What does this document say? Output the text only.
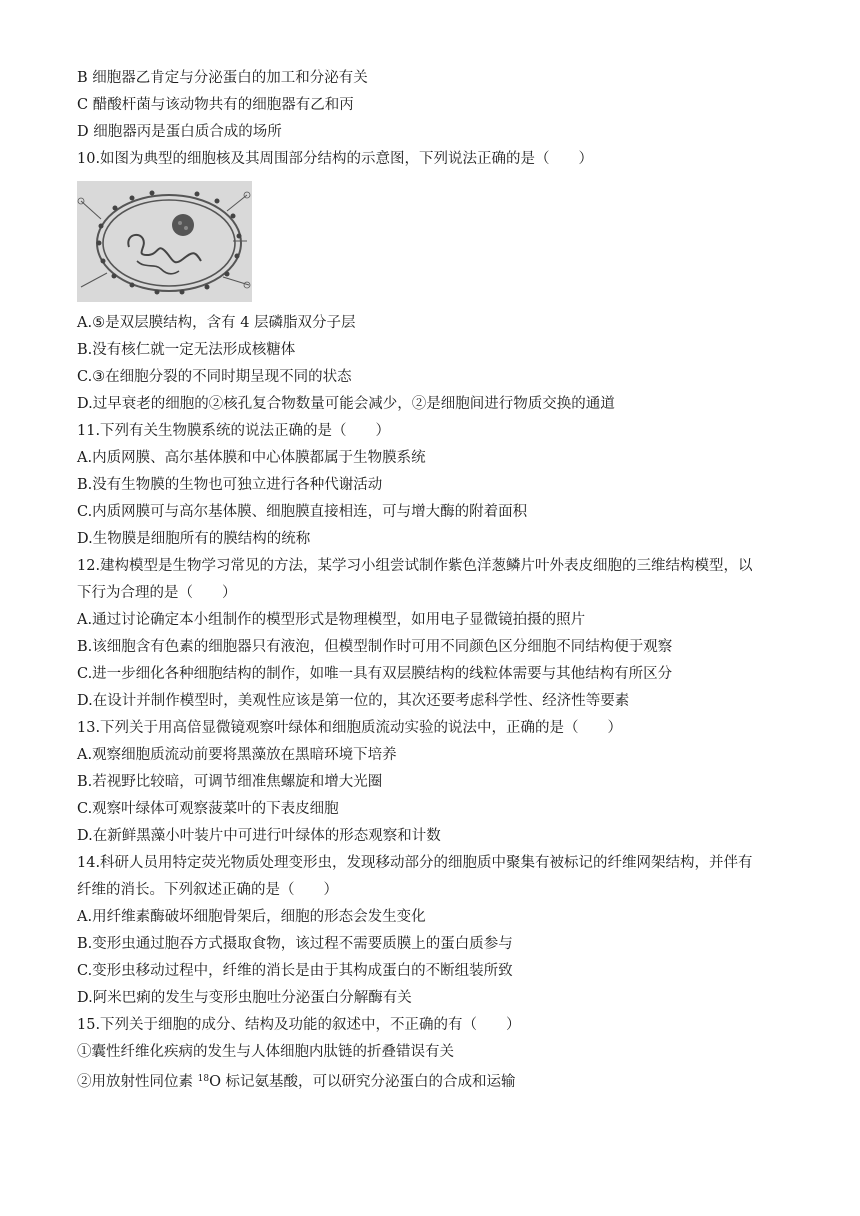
B 细胞器乙肯定与分泌蛋白的加工和分泌有关
C 醋酸杆菌与该动物共有的细胞器有乙和丙
D 细胞器丙是蛋白质合成的场所
10.如图为典型的细胞核及其周围部分结构的示意图，下列说法正确的是（　　）
A.⑤是双层膜结构，含有 4 层磷脂双分子层
B.没有核仁就一定无法形成核糖体
C.③在细胞分裂的不同时期呈现不同的状态
D.过早衰老的细胞的②核孔复合物数量可能会减少，②是细胞间进行物质交换的通道
11.下列有关生物膜系统的说法正确的是（　　）
A.内质网膜、高尔基体膜和中心体膜都属于生物膜系统
B.没有生物膜的生物也可独立进行各种代谢活动
C.内质网膜可与高尔基体膜、细胞膜直接相连，可与增大酶的附着面积
D.生物膜是细胞所有的膜结构的统称
12.建构模型是生物学习常见的方法，某学习小组尝试制作紫色洋葱鳞片叶外表皮细胞的三维结构模型，以
下行为合理的是（　　）
A.通过讨论确定本小组制作的模型形式是物理模型，如用电子显微镜拍摄的照片
B.该细胞含有色素的细胞器只有液泡，但模型制作时可用不同颜色区分细胞不同结构便于观察
C.进一步细化各种细胞结构的制作，如唯一具有双层膜结构的线粒体需要与其他结构有所区分
D.在设计并制作模型时，美观性应该是第一位的，其次还要考虑科学性、经济性等要素
13.下列关于用高倍显微镜观察叶绿体和细胞质流动实验的说法中，正确的是（　　）
A.观察细胞质流动前要将黑藻放在黑暗环境下培养
B.若视野比较暗，可调节细准焦螺旋和增大光圈
C.观察叶绿体可观察菠菜叶的下表皮细胞
D.在新鲜黑藻小叶装片中可进行叶绿体的形态观察和计数
14.科研人员用特定荧光物质处理变形虫，发现移动部分的细胞质中聚集有被标记的纤维网架结构，并伴有
纤维的消长。下列叙述正确的是（　　）
A.用纤维素酶破坏细胞骨架后，细胞的形态会发生变化
B.变形虫通过胞吞方式摄取食物，该过程不需要质膜上的蛋白质参与
C.变形虫移动过程中，纤维的消长是由于其构成蛋白的不断组装所致
D.阿米巴痢的发生与变形虫胞吐分泌蛋白分解酶有关
15.下列关于细胞的成分、结构及功能的叙述中，不正确的有（　　）
①囊性纤维化疾病的发生与人体细胞内肽链的折叠错误有关
②用放射性同位素 $^{18}$O 标记氨基酸，可以研究分泌蛋白的合成和运输
